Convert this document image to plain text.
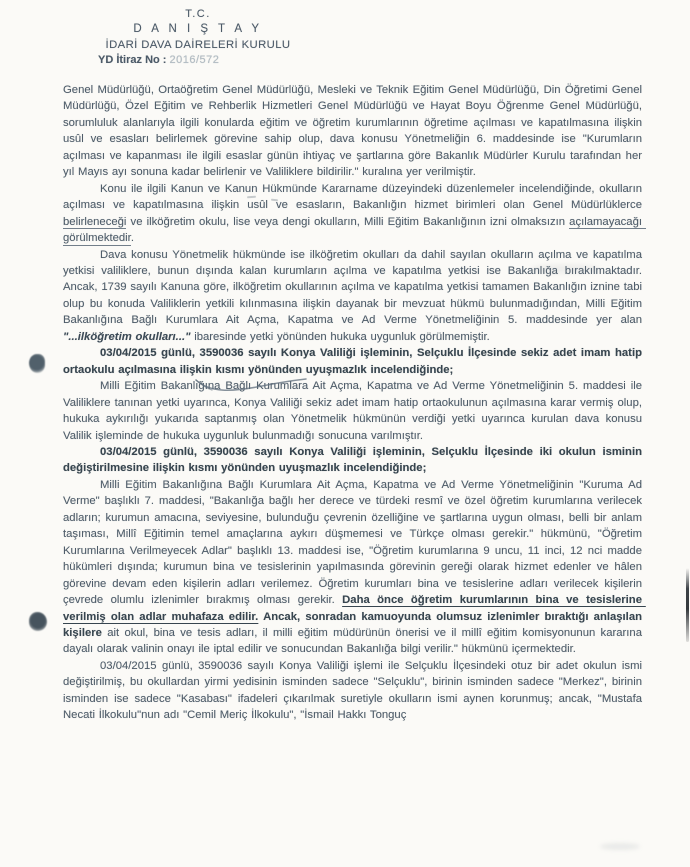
T.C.
D A N I Ş T A Y
İDARİ DAVA DAİRELERİ KURULU
YD İtiraz No : 2016/572

Genel Müdürlüğü, Ortaöğretim Genel Müdürlüğü, Mesleki ve Teknik Eğitim Genel Müdürlüğü, Din Öğretimi Genel Müdürlüğü, Özel Eğitim ve Rehberlik Hizmetleri Genel Müdürlüğü ve Hayat Boyu Öğrenme Genel Müdürlüğü, sorumluluk alanlarıyla ilgili konularda eğitim ve öğretim kurumlarının öğretime açılması ve kapatılmasına ilişkin usûl ve esasları belirlemek görevine sahip olup, dava konusu Yönetmeliğin 6. maddesinde ise "Kurumların açılması ve kapanması ile ilgili esaslar günün ihtiyaç ve şartlarına göre Bakanlık Müdürler Kurulu tarafından her yıl Mayıs ayı sonuna kadar belirlenir ve Valiliklere bildirilir." kuralına yer verilmiştir.

Konu ile ilgili Kanun ve Kanun Hükmünde Kararname düzeyindeki düzenlemeler incelendiğinde, okulların açılması ve kapatılmasına ilişkin usûl ve esasların, Bakanlığın hizmet birimleri olan Genel Müdürlüklerce belirleneceği ve ilköğretim okulu, lise veya dengi okulların, Milli Eğitim Bakanlığının izni olmaksızın açılamayacağı görülmektedir.

Dava konusu Yönetmelik hükmünde ise ilköğretim okulları da dahil sayılan okulların açılma ve kapatılma yetkisi valiliklere, bunun dışında kalan kurumların açılma ve kapatılma yetkisi ise Bakanlığa bırakılmaktadır. Ancak, 1739 sayılı Kanuna göre, ilköğretim okullarının açılma ve kapatılma yetkisi tamamen Bakanlığın iznine tabi olup bu konuda Valiliklerin yetkili kılınmasına ilişkin dayanak bir mevzuat hükmü bulunmadığından, Milli Eğitim Bakanlığına Bağlı Kurumlara Ait Açma, Kapatma ve Ad Verme Yönetmeliğinin 5. maddesinde yer alan "...ilköğretim okulları..." ibaresinde yetki yönünden hukuka uygunluk görülmemiştir.

03/04/2015 günlü, 3590036 sayılı Konya Valiliği işleminin, Selçuklu İlçesinde sekiz adet imam hatip ortaokulu açılmasına ilişkin kısmı yönünden uyuşmazlık incelendiğinde;

Milli Eğitim Bakanlığına Bağlı Kurumlara Ait Açma, Kapatma ve Ad Verme Yönetmeliğinin 5. maddesi ile Valiliklere tanınan yetki uyarınca, Konya Valiliği sekiz adet imam hatip ortaokulunun açılmasına karar vermiş olup, hukuka aykırılığı yukarıda saptanmış olan Yönetmelik hükmünün verdiği yetki uyarınca kurulan dava konusu Valilik işleminde de hukuka uygunluk bulunmadığı sonucuna varılmıştır.

03/04/2015 günlü, 3590036 sayılı Konya Valiliği işleminin, Selçuklu İlçesinde iki okulun isminin değiştirilmesine ilişkin kısmı yönünden uyuşmazlık incelendiğinde;

Milli Eğitim Bakanlığına Bağlı Kurumlara Ait Açma, Kapatma ve Ad Verme Yönetmeliğinin "Kuruma Ad Verme" başlıklı 7. maddesi, "Bakanlığa bağlı her derece ve türdeki resmî ve özel öğretim kurumlarına verilecek adların; kurumun amacına, seviyesine, bulunduğu çevrenin özelliğine ve şartlarına uygun olması, belli bir anlam taşıması, Millî Eğitimin temel amaçlarına aykırı düşmemesi ve Türkçe olması gerekir." hükmünü, "Öğretim Kurumlarına Verilmeyecek Adlar" başlıklı 13. maddesi ise, "Öğretim kurumlarına 9 uncu, 11 inci, 12 nci madde hükümleri dışında; kurumun bina ve tesislerinin yapılmasında görevinin gereği olarak hizmet edenler ve hâlen görevine devam eden kişilerin adları verilemez. Öğretim kurumları bina ve tesislerine adları verilecek kişilerin çevrede olumlu izlenimler bırakmış olması gerekir. Daha önce öğretim kurumlarının bina ve tesislerine verilmiş olan adlar muhafaza edilir. Ancak, sonradan kamuoyunda olumsuz izlenimler bıraktığı anlaşılan kişilere ait okul, bina ve tesis adları, il milli eğitim müdürünün önerisi ve il millî eğitim komisyonunun kararına dayalı olarak valinin onayı ile iptal edilir ve sonucundan Bakanlığa bilgi verilir." hükmünü içermektedir.

03/04/2015 günlü, 3590036 sayılı Konya Valiliği işlemi ile Selçuklu İlçesindeki otuz bir adet okulun ismi değiştirilmiş, bu okullardan yirmi yedisinin isminden sadece "Selçuklu", birinin isminden sadece "Merkez", birinin isminden ise sadece "Kasabası" ifadeleri çıkarılmak suretiyle okulların ismi aynen korunmuş; ancak, "Mustafa Necati İlkokulu"nun adı "Cemil Meriç İlkokulu", "İsmail Hakkı Tonguç
